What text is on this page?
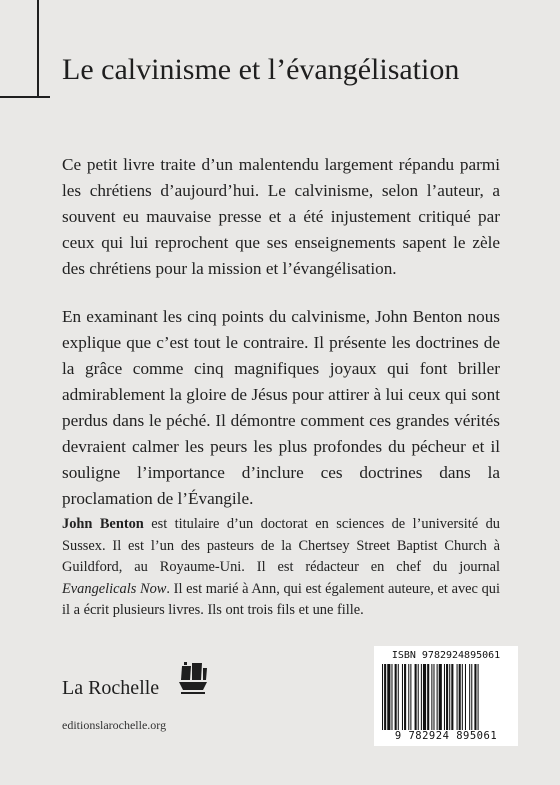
Le calvinisme et l’évangélisation

Ce petit livre traite d’un malentendu largement répandu parmi les chrétiens d’aujourd’hui. Le calvinisme, selon l’auteur, a souvent eu mauvaise presse et a été injustement critiqué par ceux qui lui reprochent que ses enseignements sapent le zèle des chrétiens pour la mission et l’évangélisation.

En examinant les cinq points du calvinisme, John Benton nous explique que c’est tout le contraire. Il présente les doctrines de la grâce comme cinq magnifiques joyaux qui font briller admirablement la gloire de Jésus pour attirer à lui ceux qui sont perdus dans le péché. Il démontre comment ces grandes vérités devraient calmer les peurs les plus profondes du pécheur et il souligne l’importance d’inclure ces doctrines dans la proclamation de l’Évangile.

John Benton est titulaire d’un doctorat en sciences de l’université du Sussex. Il est l’un des pasteurs de la Chertsey Street Baptist Church à Guildford, au Royaume-Uni. Il est rédacteur en chef du journal Evangelicals Now. Il est marié à Ann, qui est également auteure, et avec qui il a écrit plusieurs livres. Ils ont trois fils et une fille.

La Rochelle
editionslarochelle.org
ISBN 9782924895061
9 782924 895061
